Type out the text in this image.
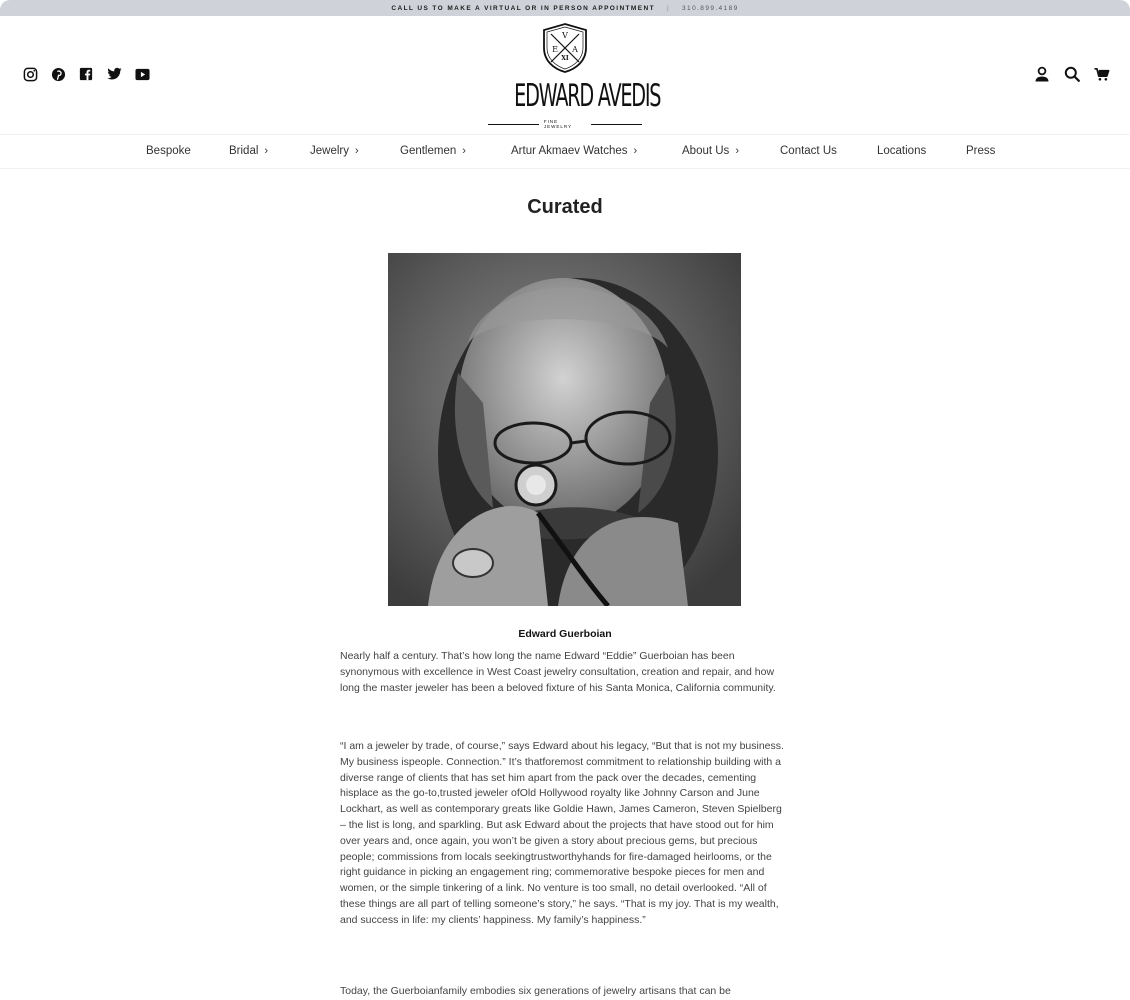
CALL US TO MAKE A VIRTUAL OR IN PERSON APPOINTMENT | 310.899.4189
V
E A
XI
EDWARD AVEDIS
FINE JEWELRY
Bespoke	Bridal ›	Jewelry ›	Gentlemen ›	Artur Akmaev Watches ›	About Us ›	Contact Us	Locations	Press
Curated
Edward Guerboian

Nearly half a century. That’s how long the name Edward “Eddie” Guerboian has been synonymous with excellence in West Coast jewelry consultation, creation and repair, and how long the master jeweler has been a beloved fixture of his Santa Monica, California community.

“I am a jeweler by trade, of course,” says Edward about his legacy, “But that is not my business. My business ispeople. Connection.” It’s thatforemost commitment to relationship building with a diverse range of clients that has set him apart from the pack over the decades, cementing hisplace as the go-to,trusted jeweler ofOld Hollywood royalty like Johnny Carson and June Lockhart, as well as contemporary greats like Goldie Hawn, James Cameron, Steven Spielberg – the list is long, and sparkling. But ask Edward about the projects that have stood out for him over years and, once again, you won’t be given a story about precious gems, but precious people; commissions from locals seekingtrustworthyhands for fire-damaged heirlooms, or the right guidance in picking an engagement ring; commemorative bespoke pieces for men and women, or the simple tinkering of a link. No venture is too small, no detail overlooked. “All of these things are all part of telling someone’s story,” he says. “That is my joy. That is my wealth, and success in life: my clients’ happiness. My family’s happiness.”

Today, the Guerboianfamily embodies six generations of jewelry artisans that can be
